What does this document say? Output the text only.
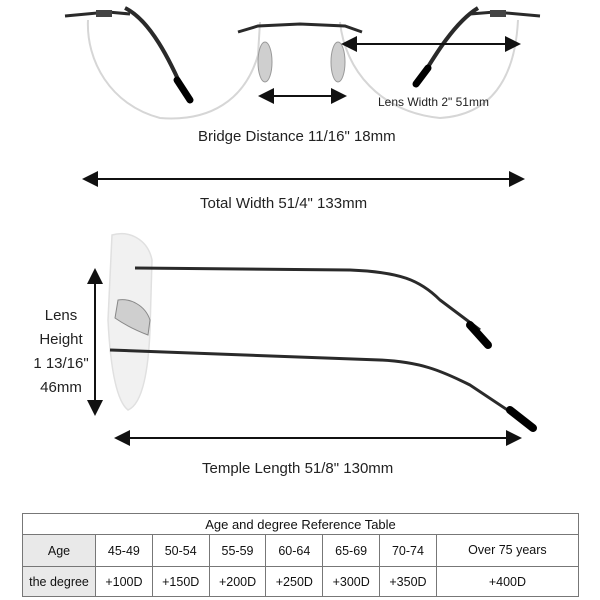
Lens Width 2" 51mm
Bridge Distance 11/16" 18mm
Total Width 51/4" 133mm
Lens
Height
1 13/16"
46mm
Temple Length 51/8" 130mm
Age and degree Reference Table							
Age	45-49	50-54	55-59	60-64	65-69	70-74	Over 75 years
the degree	+100D	+150D	+200D	+250D	+300D	+350D	+400D
